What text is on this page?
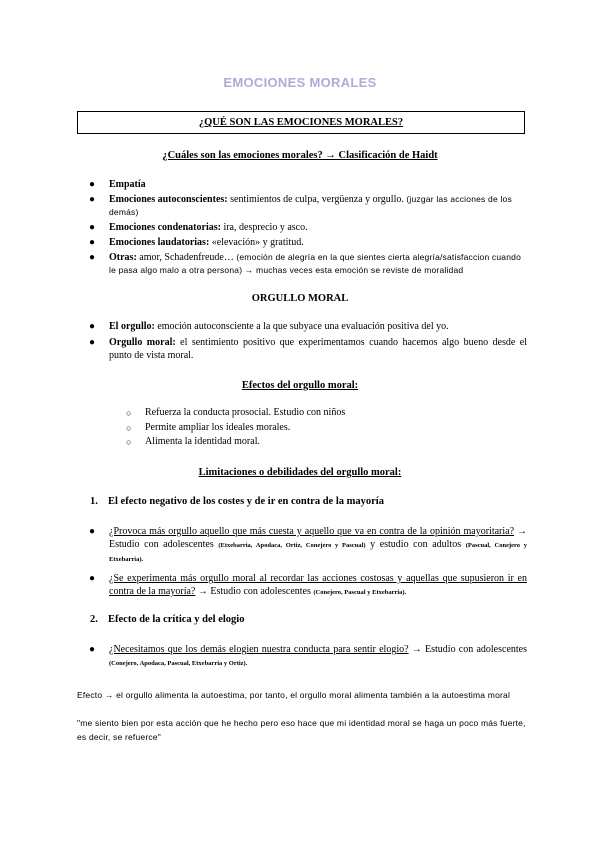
EMOCIONES MORALES
¿QUÉ SON LAS EMOCIONES MORALES?
¿Cuáles son las emociones morales? → Clasificación de Haidt
● Empatía
● Emociones autoconscientes: sentimientos de culpa, vergüenza y orgullo. (juzgar las acciones de los demás)
● Emociones condenatorias: ira, desprecio y asco.
● Emociones laudatorias: «elevación» y gratitud.
● Otras: amor, Schadenfreude… (emoción de alegría en la que sientes cierta alegría/satisfaccion cuando le pasa algo malo a otra persona) → muchas veces esta emoción se reviste de moralidad
ORGULLO MORAL
● El orgullo: emoción autoconsciente a la que subyace una evaluación positiva del yo.
● Orgullo moral: el sentimiento positivo que experimentamos cuando hacemos algo bueno desde el punto de vista moral.
Efectos del orgullo moral:
○ Refuerza la conducta prosocial. Estudio con niños
○ Permite ampliar los ideales morales.
○ Alimenta la identidad moral.
Limitaciones o debilidades del orgullo moral:
1. El efecto negativo de los costes y de ir en contra de la mayoría
● ¿Provoca más orgullo aquello que más cuesta y aquello que va en contra de la opinión mayoritaria? → Estudio con adolescentes (Etxebarria, Apodaca, Ortiz, Conejero y Pascual) y estudio con adultos (Pascual, Conejero y Etxebarria).
● ¿Se experimenta más orgullo moral al recordar las acciones costosas y aquellas que supusieron ir en contra de la mayoría? → Estudio con adolescentes (Conejero, Pascual y Etxebarria).
2. Efecto de la crítica y del elogio
● ¿Necesitamos que los demás elogien nuestra conducta para sentir elogio? → Estudio con adolescentes (Conejero, Apodaca, Pascual, Etxebarria y Ortiz).
Efecto → el orgullo alimenta la autoestima, por tanto, el orgullo moral alimenta también a la autoestima moral
"me siento bien por esta acción que he hecho pero eso hace que mi identidad moral se haga un poco más fuerte, es decir, se refuerce"
